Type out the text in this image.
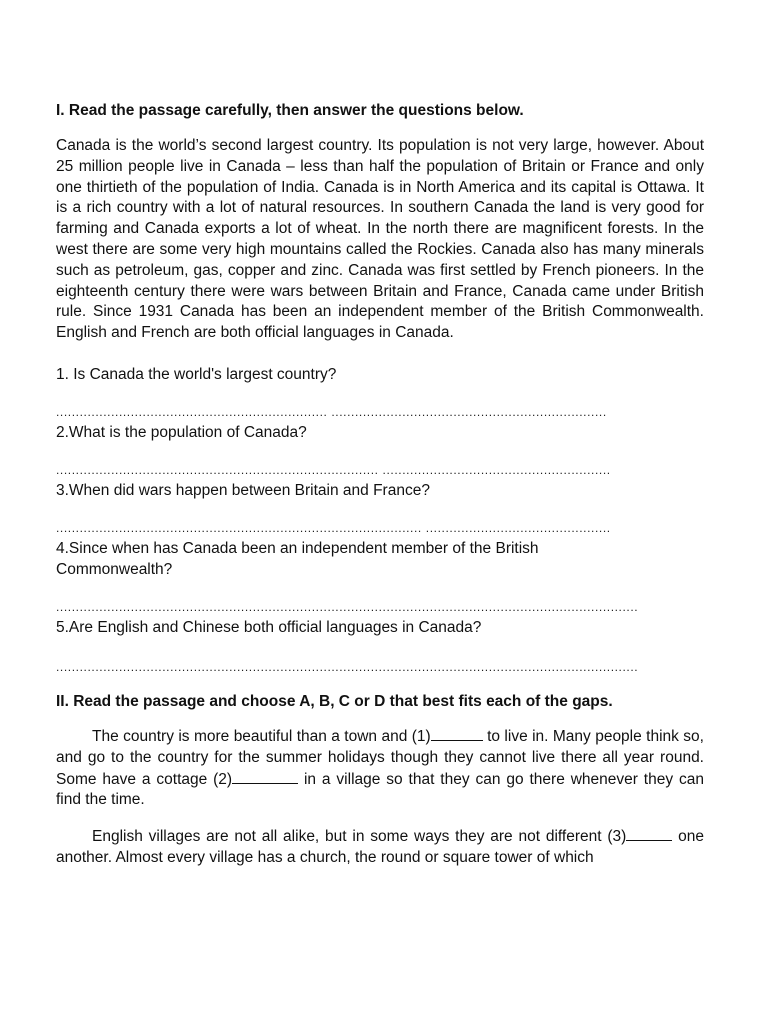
I. Read the passage carefully, then answer the questions below.

Canada is the world’s second largest country. Its population is not very large, however. About 25 million people live in Canada – less than half the population of Britain or France and only one thirtieth of the population of India. Canada is in North America and its capital is Ottawa. It is a rich country with a lot of natural resources. In southern Canada the land is very good for farming and Canada exports a lot of wheat. In the north there are magnificent forests. In the west there are some very high mountains called the Rockies. Canada also has many minerals such as petroleum, gas, copper and zinc. Canada was first settled by French pioneers. In the eighteenth century there were wars between Britain and France, Canada came under British rule. Since 1931 Canada has been an independent member of the British Commonwealth. English and French are both official languages in Canada.

1. Is Canada the world's largest country?

..................................................................... ......................................................................

2.What is the population of Canada?

.................................................................................. ..........................................................

3.When did wars happen between Britain and France?

............................................................................................. ...............................................

4.Since when has Canada been an independent member of the British Commonwealth?

....................................................................................................................................................

5.Are English and Chinese both official languages in Canada?

....................................................................................................................................................

II. Read the passage and choose A, B, C or D that best fits each of the gaps.

The country is more beautiful than a town and (1)	to live in. Many people think so, and go to the country for the summer holidays though they cannot live there all year round. Some have a cottage (2)	in a village so that they can go there whenever they can find the time.

English villages are not all alike, but in some ways they are not different (3)	one another. Almost every village has a church, the round or square tower of which
